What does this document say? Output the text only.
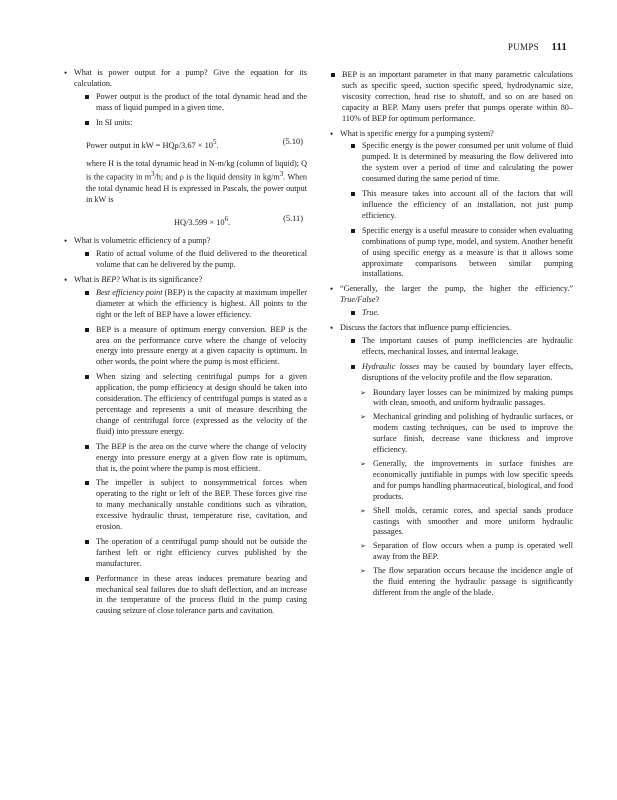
PUMPS 111
• What is power output for a pump? Give the equation for its calculation.
Power output is the product of the total dynamic head and the mass of liquid pumped in a given time.
In SI units:
Power output in kW = $HQ\rho/3.67 \times 10^5$.	(5.10)
where H is the total dynamic head in N-m/kg (column of liquid); Q is the capacity in $m^3/h$; and ρ is the liquid density in $kg/m^3$. When the total dynamic head H is expressed in Pascals, the power output in kW is
$HQ/3.599 \times 10^6$.	(5.11)
• What is volumetric efficiency of a pump?
Ratio of actual volume of the fluid delivered to the theoretical volume that can be delivered by the pump.
• What is BEP? What is its significance?
Best efficiency point (BEP) is the capacity at maximum impeller diameter at which the efficiency is highest. All points to the right or the left of BEP have a lower efficiency.
BEP is a measure of optimum energy conversion. BEP is the area on the performance curve where the change of velocity energy into pressure energy at a given capacity is optimum. In other words, the point where the pump is most efficient.
When sizing and selecting centrifugal pumps for a given application, the pump efficiency at design should be taken into consideration. The efficiency of centrifugal pumps is stated as a percentage and represents a unit of measure describing the change of centrifugal force (expressed as the velocity of the fluid) into pressure energy.
The BEP is the area on the curve where the change of velocity energy into pressure energy at a given flow rate is optimum, that is, the point where the pump is most efficient.
The impeller is subject to nonsymmetrical forces when operating to the right or left of the BEP. These forces give rise to many mechanically unstable conditions such as vibration, excessive hydraulic thrust, temperature rise, cavitation, and erosion.
The operation of a centrifugal pump should not be outside the farthest left or right efficiency curves published by the manufacturer.
Performance in these areas induces premature bearing and mechanical seal failures due to shaft deflection, and an increase in the temperature of the process fluid in the pump casing causing seizure of close tolerance parts and cavitation.
BEP is an important parameter in that many parametric calculations such as specific speed, suction specific speed, hydrodynamic size, viscosity correction, head rise to shutoff, and so on are based on capacity at BEP. Many users prefer that pumps operate within 80–110% of BEP for optimum performance.
• What is specific energy for a pumping system?
Specific energy is the power consumed per unit volume of fluid pumped. It is determined by measuring the flow delivered into the system over a period of time and calculating the power consumed during the same period of time.
This measure takes into account all of the factors that will influence the efficiency of an installation, not just pump efficiency.
Specific energy is a useful measure to consider when evaluating combinations of pump type, model, and system. Another benefit of using specific energy as a measure is that it allows some approximate comparisons between similar pumping installations.
• “Generally, the larger the pump, the higher the efficiency.” True/False?
True.
• Discuss the factors that influence pump efficiencies.
The important causes of pump inefficiencies are hydraulic effects, mechanical losses, and internal leakage.
Hydraulic losses may be caused by boundary layer effects, disruptions of the velocity profile and the flow separation.
➢ Boundary layer losses can be minimized by making pumps with clean, smooth, and uniform hydraulic passages.
➢ Mechanical grinding and polishing of hydraulic surfaces, or modern casting techniques, can be used to improve the surface finish, decrease vane thickness and improve efficiency.
➢ Generally, the improvements in surface finishes are economically justifiable in pumps with low specific speeds and for pumps handling pharmaceutical, biological, and food products.
➢ Shell molds, ceramic cores, and special sands produce castings with smoother and more uniform hydraulic passages.
➢ Separation of flow occurs when a pump is operated well away from the BEP.
➢ The flow separation occurs because the incidence angle of the fluid entering the hydraulic passage is significantly different from the angle of the blade.
